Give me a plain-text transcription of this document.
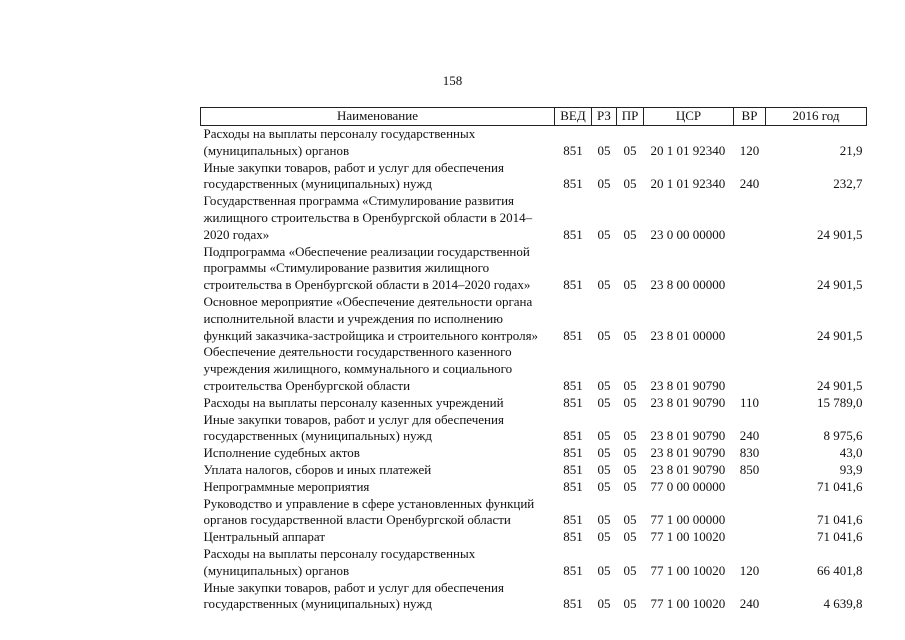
158
Наименование	ВЕД	РЗ	ПР	ЦСР	ВР	2016 год
Расходы на выплаты персоналу государственных (муниципальных) органов	851	05	05	20 1 01 92340	120	21,9
Иные закупки товаров, работ и услуг для обеспечения государственных (муниципальных) нужд	851	05	05	20 1 01 92340	240	232,7
Государственная программа «Стимулирование развития жилищного строительства в Оренбургской области в 2014–2020 годах»	851	05	05	23 0 00 00000		24 901,5
Подпрограмма «Обеспечение реализации государственной программы «Стимулирование развития жилищного строительства в Оренбургской области в 2014–2020 годах»	851	05	05	23 8 00 00000		24 901,5
Основное мероприятие «Обеспечение деятельности органа исполнительной власти и учреждения по исполнению функций заказчика-застройщика и строительного контроля»	851	05	05	23 8 01 00000		24 901,5
Обеспечение деятельности государственного казенного учреждения жилищного, коммунального и социального строительства Оренбургской области	851	05	05	23 8 01 90790		24 901,5
Расходы на выплаты персоналу казенных учреждений	851	05	05	23 8 01 90790	110	15 789,0
Иные закупки товаров, работ и услуг для обеспечения государственных (муниципальных) нужд	851	05	05	23 8 01 90790	240	8 975,6
Исполнение судебных актов	851	05	05	23 8 01 90790	830	43,0
Уплата налогов, сборов и иных платежей	851	05	05	23 8 01 90790	850	93,9
Непрограммные мероприятия	851	05	05	77 0 00 00000		71 041,6
Руководство и управление в сфере установленных функций органов государственной власти Оренбургской области	851	05	05	77 1 00 00000		71 041,6
Центральный аппарат	851	05	05	77 1 00 10020		71 041,6
Расходы на выплаты персоналу государственных (муниципальных) органов	851	05	05	77 1 00 10020	120	66 401,8
Иные закупки товаров, работ и услуг для обеспечения государственных (муниципальных) нужд	851	05	05	77 1 00 10020	240	4 639,8
